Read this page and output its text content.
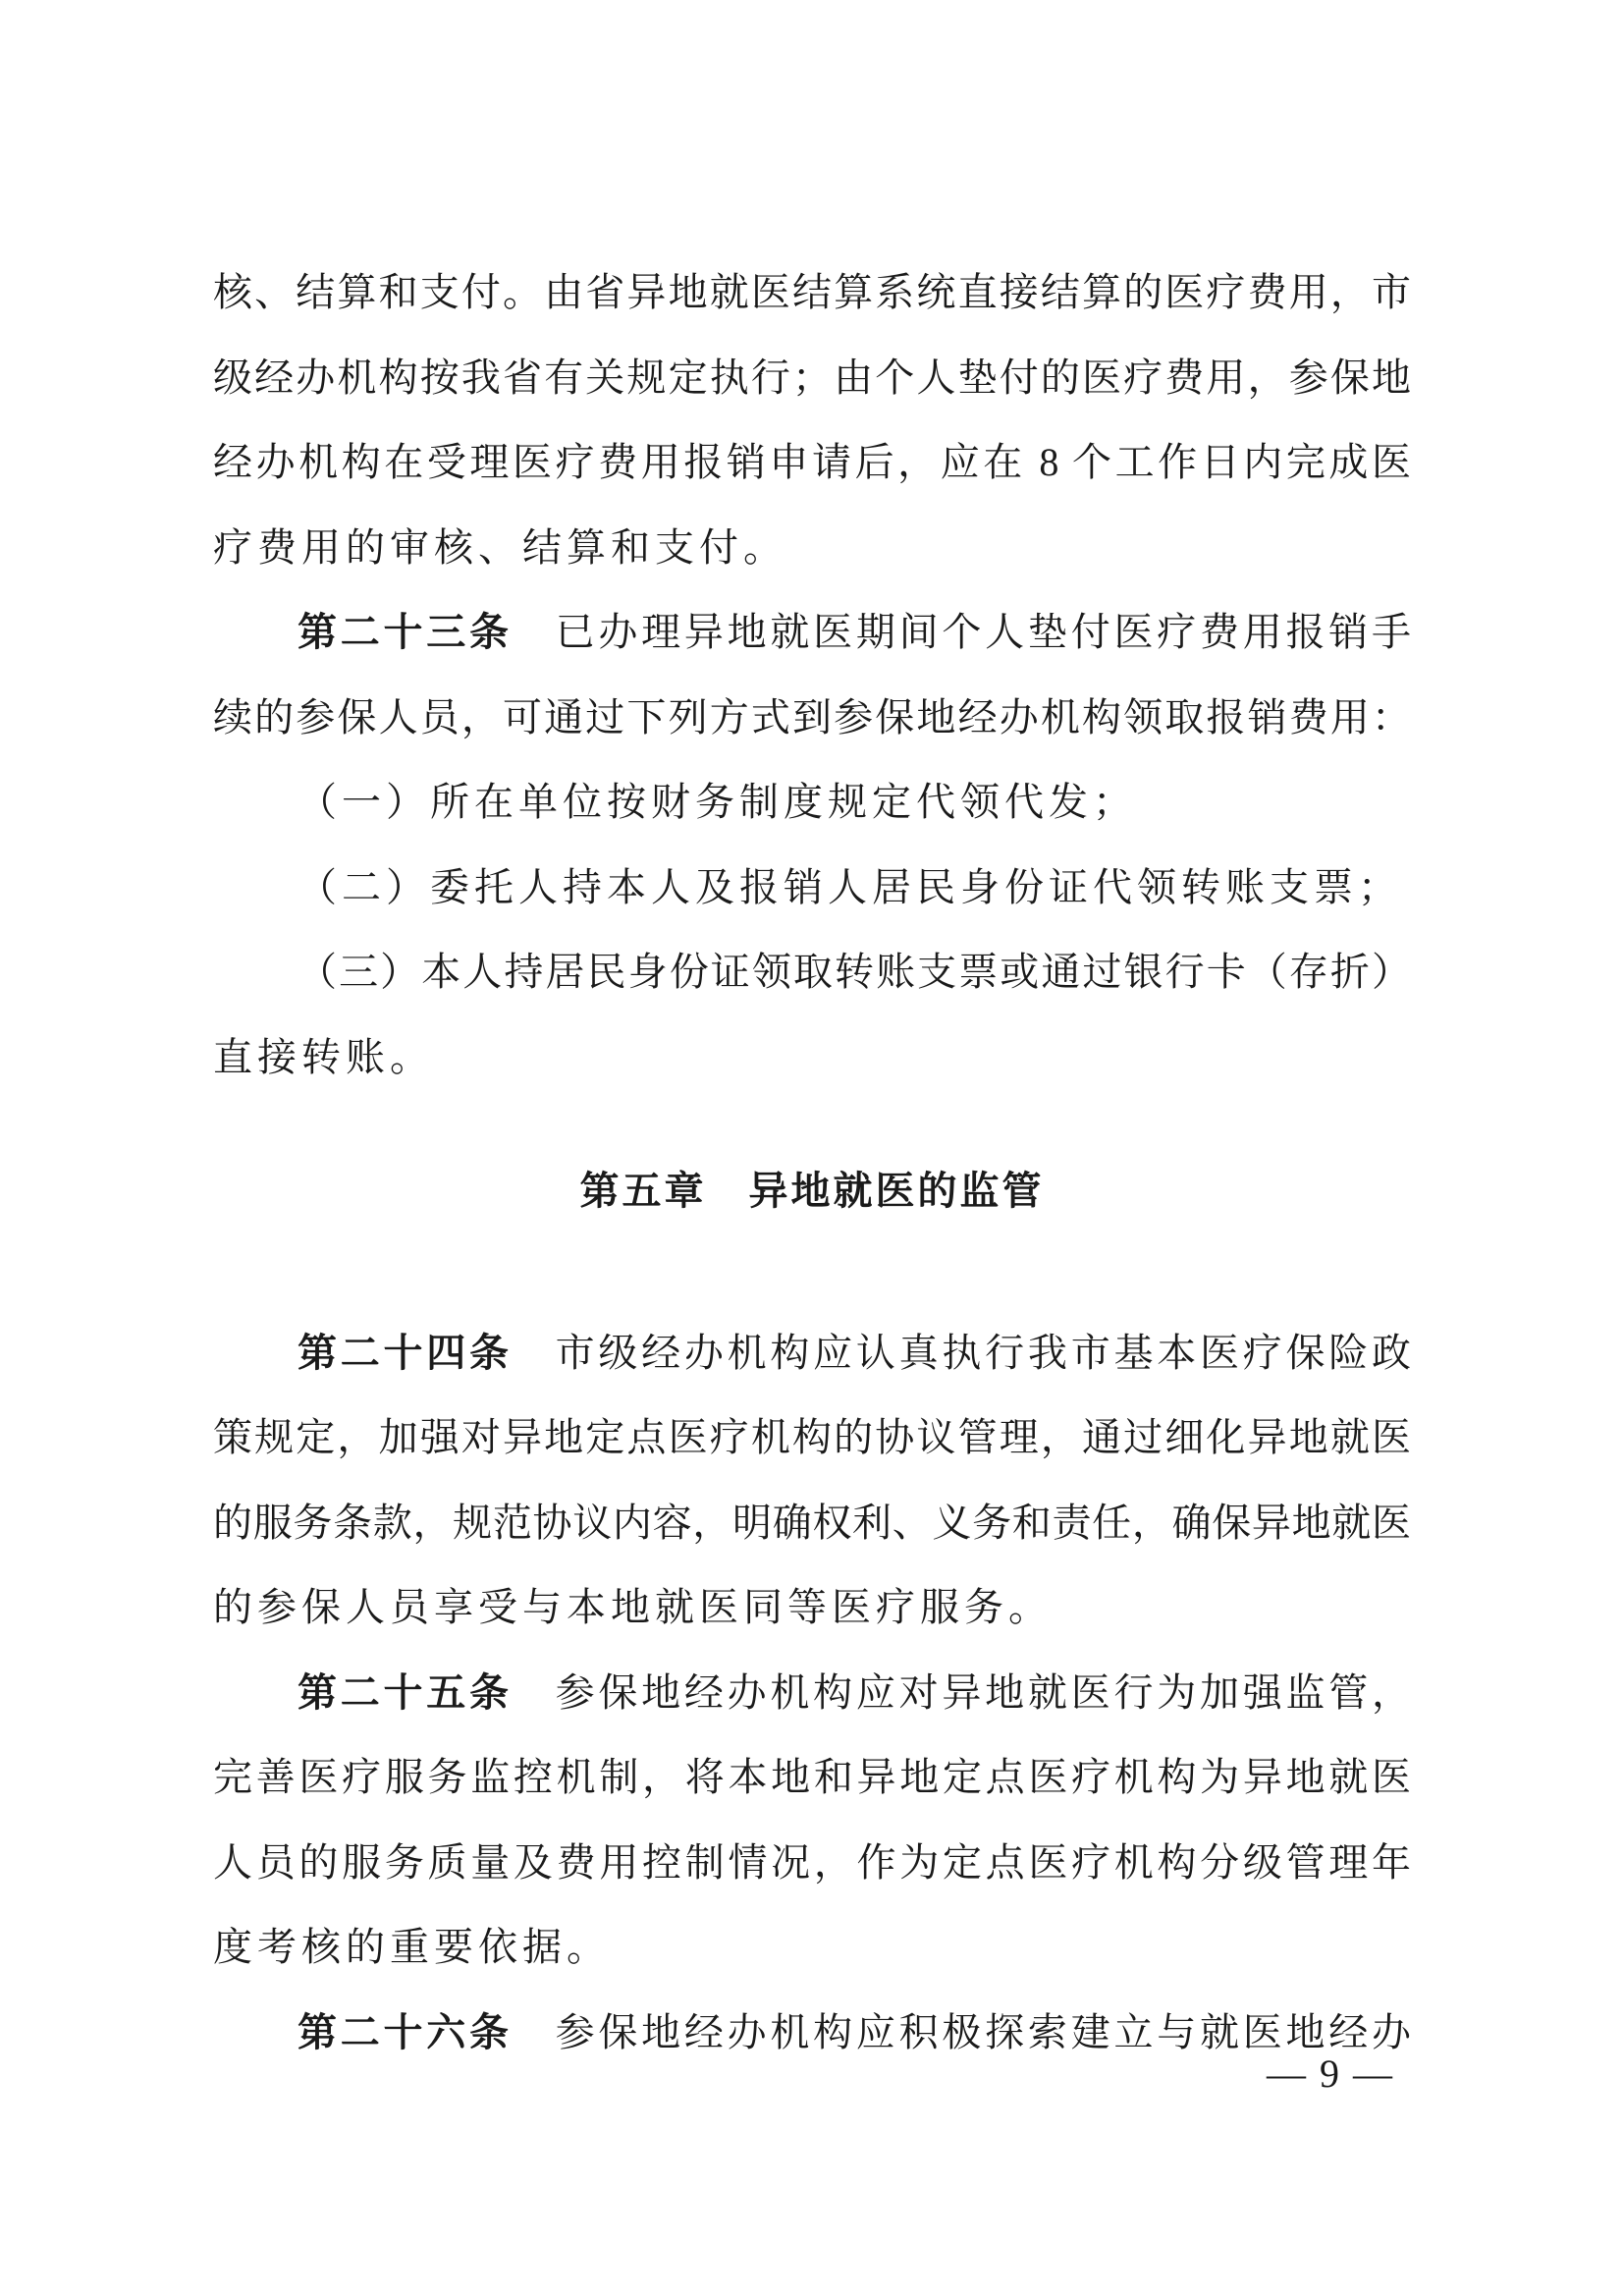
核、结算和支付。由省异地就医结算系统直接结算的医疗费用，市
级经办机构按我省有关规定执行；由个人垫付的医疗费用，参保地
经办机构在受理医疗费用报销申请后，应在 8 个工作日内完成医
疗费用的审核、结算和支付。
第二十三条　已办理异地就医期间个人垫付医疗费用报销手
续的参保人员，可通过下列方式到参保地经办机构领取报销费用：
（一）所在单位按财务制度规定代领代发；
（二）委托人持本人及报销人居民身份证代领转账支票；
（三）本人持居民身份证领取转账支票或通过银行卡（存折）
直接转账。
第五章　异地就医的监管
第二十四条　市级经办机构应认真执行我市基本医疗保险政
策规定，加强对异地定点医疗机构的协议管理，通过细化异地就医
的服务条款，规范协议内容，明确权利、义务和责任，确保异地就医
的参保人员享受与本地就医同等医疗服务。
第二十五条　参保地经办机构应对异地就医行为加强监管，
完善医疗服务监控机制，将本地和异地定点医疗机构为异地就医
人员的服务质量及费用控制情况，作为定点医疗机构分级管理年
度考核的重要依据。
第二十六条　参保地经办机构应积极探索建立与就医地经办
— 9 —
